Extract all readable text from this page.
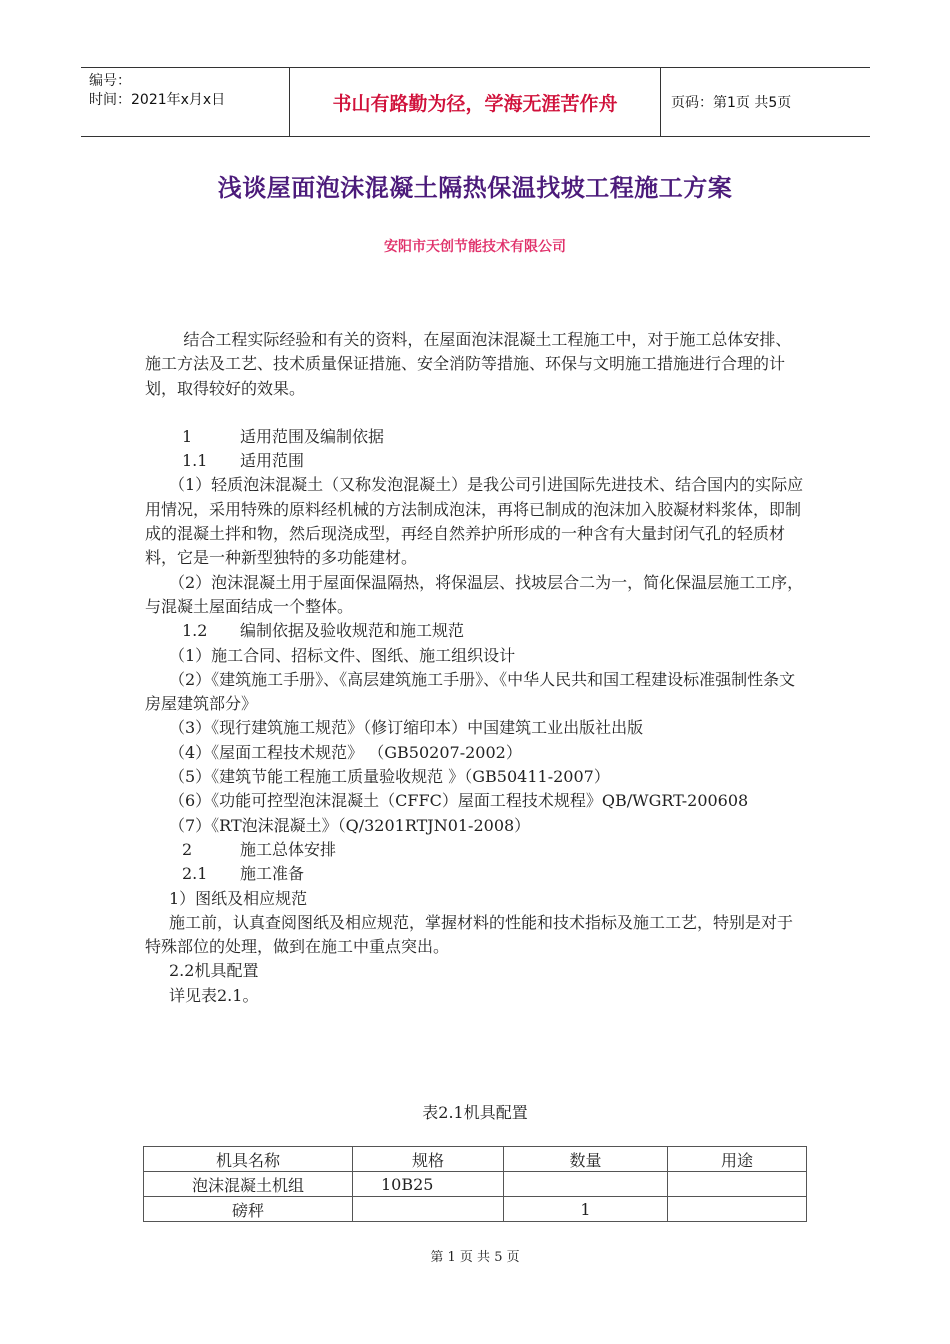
编号：
时间：2021年x月x日	书山有路勤为径，学海无涯苦作舟	页码：第1页 共5页
浅谈屋面泡沫混凝土隔热保温找坡工程施工方案
安阳市天创节能技术有限公司

结合工程实际经验和有关的资料，在屋面泡沫混凝土工程施工中，对于施工总体安排、施工方法及工艺、技术质量保证措施、安全消防等措施、环保与文明施工措施进行合理的计划，取得较好的效果。

1	适用范围及编制依据

1.1 适用范围

（1）轻质泡沫混凝土（又称发泡混凝土）是我公司引进国际先进技术、结合国内的实际应用情况，采用特殊的原料经机械的方法制成泡沫，再将已制成的泡沫加入胶凝材料浆体，即制成的混凝土拌和物，然后现浇成型，再经自然养护所形成的一种含有大量封闭气孔的轻质材料，它是一种新型独特的多功能建材。

（2）泡沫混凝土用于屋面保温隔热，将保温层、找坡层合二为一，简化保温层施工工序，与混凝土屋面结成一个整体。

1.2 编制依据及验收规范和施工规范

（1）施工合同、招标文件、图纸、施工组织设计

（2）《建筑施工手册》、《高层建筑施工手册》、《中华人民共和国工程建设标准强制性条文房屋建筑部分》

（3）《现行建筑施工规范》（修订缩印本）中国建筑工业出版社出版

（4）《屋面工程技术规范》 （GB50207-2002）

（5）《建筑节能工程施工质量验收规范 》（GB50411-2007）

（6）《功能可控型泡沫混凝土（CFFC）屋面工程技术规程》QB/WGRT-200608

（7）《RT泡沫混凝土》（Q/3201RTJN01-2008）

2	施工总体安排

2.1 施工准备

1）图纸及相应规范

施工前，认真查阅图纸及相应规范，掌握材料的性能和技术指标及施工工艺，特别是对于特殊部位的处理，做到在施工中重点突出。

2.2机具配置

详见表2.1。

表2.1机具配置
机具名称	规格	数量	用途
泡沫混凝土机组	10B25		
磅秤		1	
第 1 页 共 5 页
